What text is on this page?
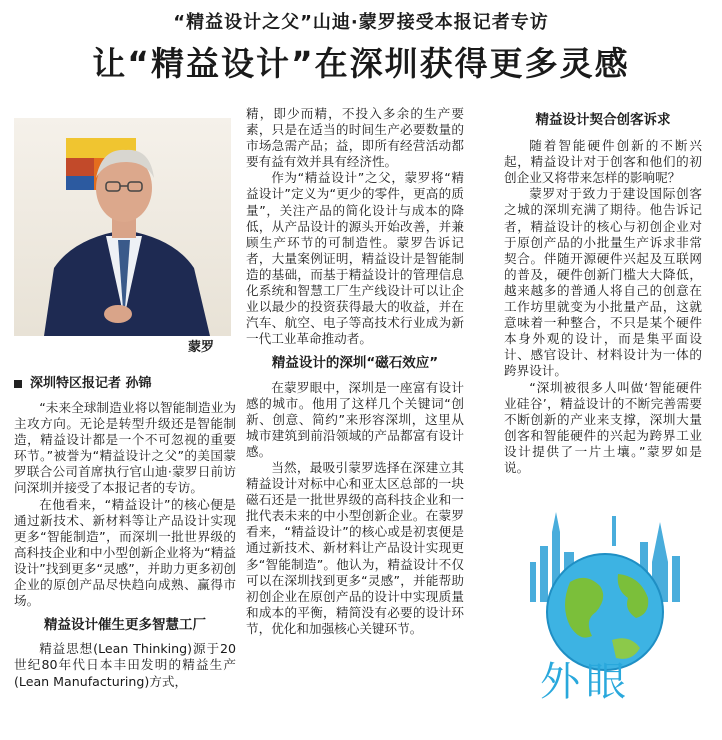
“精益设计之父”山迪·蒙罗接受本报记者专访
让“精益设计”在深圳获得更多灵感
蒙罗
深圳特区报记者 孙锦

“未来全球制造业将以智能制造业为主攻方向。无论是转型升级还是智能制造，精益设计都是一个不可忽视的重要环节。”被誉为“精益设计之父”的美国蒙罗联合公司首席执行官山迪·蒙罗日前访问深圳并接受了本报记者的专访。

在他看来，“精益设计”的核心便是通过新技术、新材料等让产品设计实现更多“智能制造”，而深圳一批世界级的高科技企业和中小型创新企业将为“精益设计”找到更多“灵感”，并助力更多初创企业的原创产品尽快趋向成熟、赢得市场。

精益设计催生更多智慧工厂

精益思想(Lean Thinking)源于20世纪80年代日本丰田发明的精益生产(Lean Manufacturing)方式，

精，即少而精，不投入多余的生产要素，只是在适当的时间生产必要数量的市场急需产品；益，即所有经营活动都要有益有效并具有经济性。

作为“精益设计”之父，蒙罗将“精益设计”定义为“更少的零件，更高的质量”，关注产品的简化设计与成本的降低，从产品设计的源头开始改善，并兼顾生产环节的可制造性。蒙罗告诉记者，大量案例证明，精益设计是智能制造的基础，而基于精益设计的管理信息化系统和智慧工厂生产线设计可以让企业以最少的投资获得最大的收益，并在汽车、航空、电子等高技术行业成为新一代工业革命推动者。

精益设计的深圳“磁石效应”

在蒙罗眼中，深圳是一座富有设计感的城市。他用了这样几个关键词“创新、创意、简约”来形容深圳，这里从城市建筑到前沿领域的产品都富有设计感。

当然，最吸引蒙罗选择在深建立其精益设计对标中心和亚太区总部的一块磁石还是一批世界级的高科技企业和一批代表未来的中小型创新企业。在蒙罗看来，“精益设计”的核心或是初衷便是通过新技术、新材料让产品设计实现更多“智能制造”。他认为，精益设计不仅可以在深圳找到更多“灵感”，并能帮助初创企业在原创产品的设计中实现质量和成本的平衡，精简没有必要的设计环节，优化和加强核心关键环节。

精益设计契合创客诉求

随着智能硬件创新的不断兴起，精益设计对于创客和他们的初创企业又将带来怎样的影响呢？

蒙罗对于致力于建设国际创客之城的深圳充满了期待。他告诉记者，精益设计的核心与初创企业对于原创产品的小批量生产诉求非常契合。伴随开源硬件兴起及互联网的普及，硬件创新门槛大大降低，越来越多的普通人将自己的创意在工作坊里就变为小批量产品，这就意味着一种整合，不只是某个硬件本身外观的设计，而是集平面设计、感官设计、材料设计为一体的跨界设计。

“深圳被很多人叫做‘智能硬件业硅谷’，精益设计的不断完善需要不断创新的产业来支撑，深圳大量创客和智能硬件的兴起为跨界工业设计提供了一片土壤。”蒙罗如是说。

外眼
